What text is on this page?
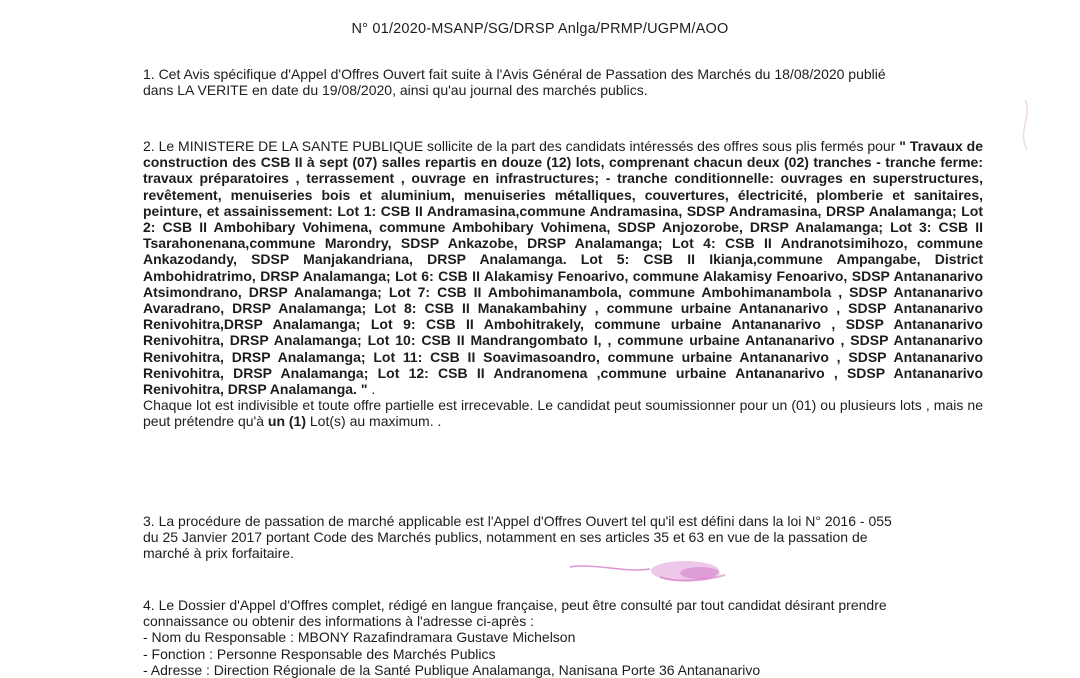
N° 01/2020-MSANP/SG/DRSP Anlga/PRMP/UGPM/AOO
1. Cet Avis spécifique d'Appel d'Offres Ouvert fait suite à l'Avis Général de Passation des Marchés du 18/08/2020 publié
dans LA VERITE en date du 19/08/2020, ainsi qu'au journal des marchés publics.
2. Le MINISTERE DE LA SANTE PUBLIQUE sollicite de la part des candidats intéressés des offres sous plis fermés pour " Travaux de construction des CSB II à sept (07) salles repartis en douze (12) lots, comprenant chacun deux (02) tranches - tranche ferme: travaux préparatoires , terrassement , ouvrage en infrastructures; - tranche conditionnelle: ouvrages en superstructures, revêtement, menuiseries bois et aluminium, menuiseries métalliques, couvertures, électricité, plomberie et sanitaires, peinture, et assainissement: Lot 1: CSB II Andramasina,commune Andramasina, SDSP Andramasina, DRSP Analamanga; Lot 2: CSB II Ambohibary Vohimena, commune Ambohibary Vohimena, SDSP Anjozorobe, DRSP Analamanga; Lot 3: CSB II Tsarahonenana,commune Marondry, SDSP Ankazobe, DRSP Analamanga; Lot 4: CSB II Andranotsimihozo, commune Ankazodandy, SDSP Manjakandriana, DRSP Analamanga. Lot 5: CSB II Ikianja,commune Ampangabe, District Ambohidratrimo, DRSP Analamanga; Lot 6: CSB II Alakamisy Fenoarivo, commune Alakamisy Fenoarivo, SDSP Antananarivo Atsimondrano, DRSP Analamanga; Lot 7: CSB II Ambohimanambola, commune Ambohimanambola , SDSP Antananarivo Avaradrano, DRSP Analamanga; Lot 8: CSB II Manakambahiny , commune urbaine Antananarivo , SDSP Antananarivo Renivohitra,DRSP Analamanga; Lot 9: CSB II Ambohitrakely, commune urbaine Antananarivo , SDSP Antananarivo Renivohitra, DRSP Analamanga; Lot 10: CSB II Mandrangombato I, , commune urbaine Antananarivo , SDSP Antananarivo Renivohitra, DRSP Analamanga; Lot 11: CSB II Soavimasoandro, commune urbaine Antananarivo , SDSP Antananarivo Renivohitra, DRSP Analamanga; Lot 12: CSB II Andranomena ,commune urbaine Antananarivo , SDSP Antananarivo Renivohitra, DRSP Analamanga. " .
Chaque lot est indivisible et toute offre partielle est irrecevable. Le candidat peut soumissionner pour un (01) ou plusieurs lots , mais ne peut prétendre qu'à un (1) Lot(s) au maximum. .
3. La procédure de passation de marché applicable est l'Appel d'Offres Ouvert tel qu'il est défini dans la loi N° 2016 - 055
du 25 Janvier 2017 portant Code des Marchés publics, notamment en ses articles 35 et 63 en vue de la passation de
marché à prix forfaitaire.
4. Le Dossier d'Appel d'Offres complet, rédigé en langue française, peut être consulté par tout candidat désirant prendre
connaissance ou obtenir des informations à l'adresse ci-après :
- Nom du Responsable : MBONY Razafindramara Gustave Michelson
- Fonction : Personne Responsable des Marchés Publics
- Adresse : Direction Régionale de la Santé Publique Analamanga, Nanisana Porte 36 Antananarivo
